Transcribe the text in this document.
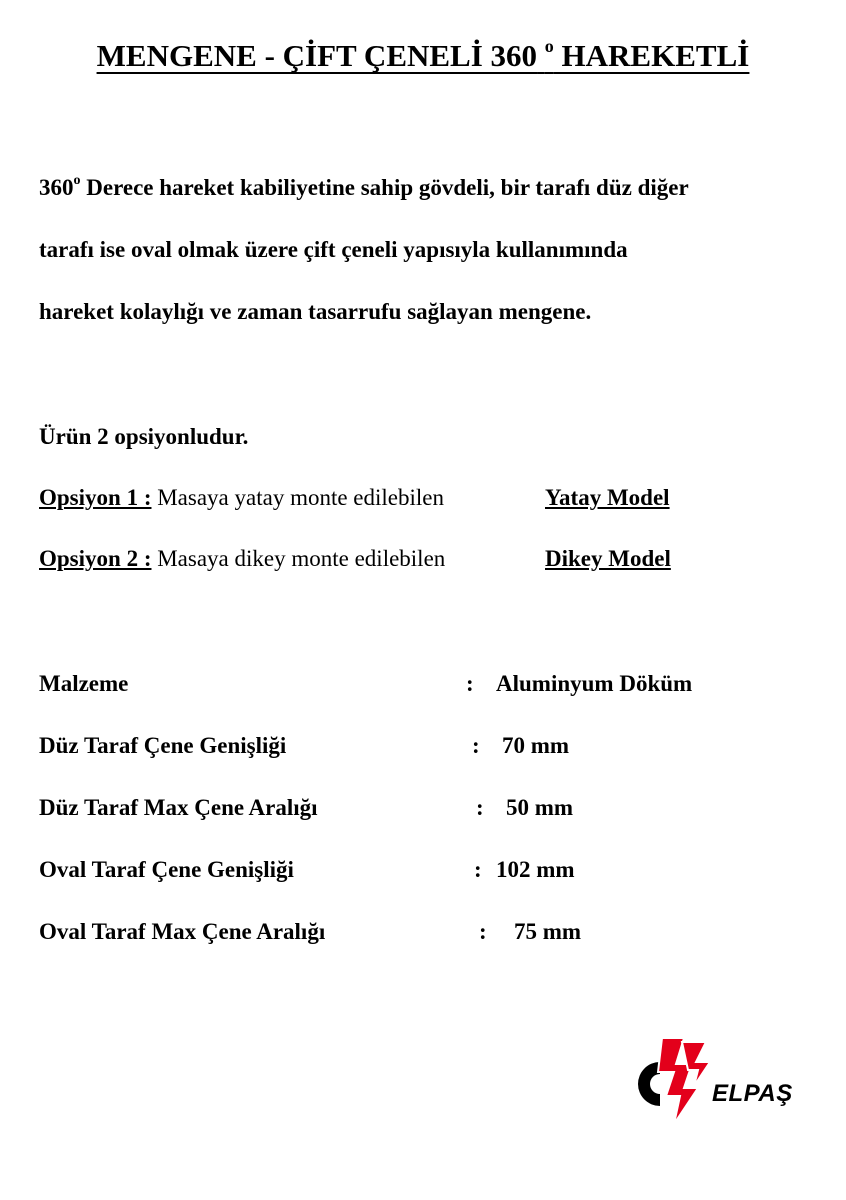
MENGENE - ÇİFT ÇENELİ 360 $^o$ HAREKETLİ
360$^o$ Derece hareket kabiliyetine sahip gövdeli, bir tarafı düz diğer
tarafı ise oval olmak üzere çift çeneli yapısıyla kullanımında
hareket kolaylığı ve zaman tasarrufu sağlayan mengene.
Ürün 2 opsiyonludur.
Opsiyon 1 : Masaya yatay monte edilebilen	Yatay Model
Opsiyon 2 : Masaya dikey monte edilebilen	Dikey Model
Malzeme	: Aluminyum Döküm
Düz Taraf Çene Genişliği	: 70 mm
Düz Taraf Max Çene Aralığı	: 50 mm
Oval Taraf Çene Genişliği	: 102 mm
Oval Taraf Max Çene Aralığı	: 75 mm
ELPAŞ
